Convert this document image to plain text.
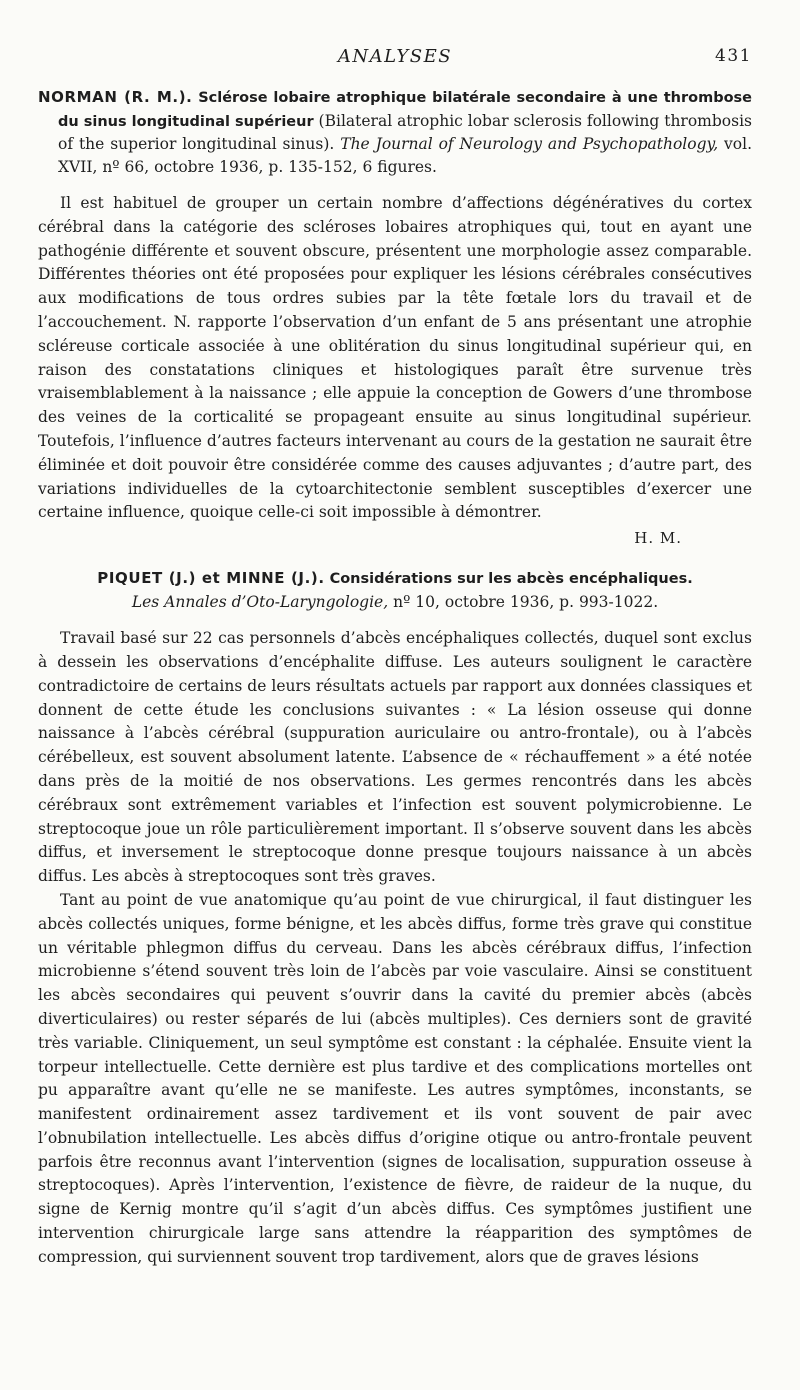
ANALYSES	431
NORMAN (R. M.). Sclérose lobaire atrophique bilatérale secondaire à une thrombose du sinus longitudinal supérieur (Bilateral atrophic lobar sclerosis following thrombosis of the superior longitudinal sinus). The Journal of Neurology and Psychopathology, vol. XVII, nº 66, octobre 1936, p. 135-152, 6 figures.

Il est habituel de grouper un certain nombre d’affections dégénératives du cortex cérébral dans la catégorie des scléroses lobaires atrophiques qui, tout en ayant une pathogénie différente et souvent obscure, présentent une morphologie assez comparable. Différentes théories ont été proposées pour expliquer les lésions cérébrales consécutives aux modifications de tous ordres subies par la tête fœtale lors du travail et de l’accouchement. N. rapporte l’observation d’un enfant de 5 ans présentant une atrophie scléreuse corticale associée à une oblitération du sinus longitudinal supérieur qui, en raison des constatations cliniques et histologiques paraît être survenue très vraisemblablement à la naissance ; elle appuie la conception de Gowers d’une thrombose des veines de la corticalité se propageant ensuite au sinus longitudinal supérieur. Toutefois, l’influence d’autres facteurs intervenant au cours de la gestation ne saurait être éliminée et doit pouvoir être considérée comme des causes adjuvantes ; d’autre part, des variations individuelles de la cytoarchitectonie semblent susceptibles d’exercer une certaine influence, quoique celle-ci soit impossible à démontrer.

H. M.
PIQUET (J.) et MINNE (J.). Considérations sur les abcès encéphaliques.
Les Annales d’Oto-Laryngologie, nº 10, octobre 1936, p. 993-1022.

Travail basé sur 22 cas personnels d’abcès encéphaliques collectés, duquel sont exclus à dessein les observations d’encéphalite diffuse. Les auteurs soulignent le caractère contradictoire de certains de leurs résultats actuels par rapport aux données classiques et donnent de cette étude les conclusions suivantes : « La lésion osseuse qui donne naissance à l’abcès cérébral (suppuration auriculaire ou antro-frontale), ou à l’abcès cérébelleux, est souvent absolument latente. L’absence de « réchauffement » a été notée dans près de la moitié de nos observations. Les germes rencontrés dans les abcès cérébraux sont extrêmement variables et l’infection est souvent polymicrobienne. Le streptocoque joue un rôle particulièrement important. Il s’observe souvent dans les abcès diffus, et inversement le streptocoque donne presque toujours naissance à un abcès diffus. Les abcès à streptocoques sont très graves.

Tant au point de vue anatomique qu’au point de vue chirurgical, il faut distinguer les abcès collectés uniques, forme bénigne, et les abcès diffus, forme très grave qui constitue un véritable phlegmon diffus du cerveau. Dans les abcès cérébraux diffus, l’infection microbienne s’étend souvent très loin de l’abcès par voie vasculaire. Ainsi se constituent les abcès secondaires qui peuvent s’ouvrir dans la cavité du premier abcès (abcès diverticulaires) ou rester séparés de lui (abcès multiples). Ces derniers sont de gravité très variable. Cliniquement, un seul symptôme est constant : la céphalée. Ensuite vient la torpeur intellectuelle. Cette dernière est plus tardive et des complications mortelles ont pu apparaître avant qu’elle ne se manifeste. Les autres symptômes, inconstants, se manifestent ordinairement assez tardivement et ils vont souvent de pair avec l’obnubilation intellectuelle. Les abcès diffus d’origine otique ou antro-frontale peuvent parfois être reconnus avant l’intervention (signes de localisation, suppuration osseuse à streptocoques). Après l’intervention, l’existence de fièvre, de raideur de la nuque, du signe de Kernig montre qu’il s’agit d’un abcès diffus. Ces symptômes justifient une intervention chirurgicale large sans attendre la réapparition des symptômes de compression, qui surviennent souvent trop tardivement, alors que de graves lésions
